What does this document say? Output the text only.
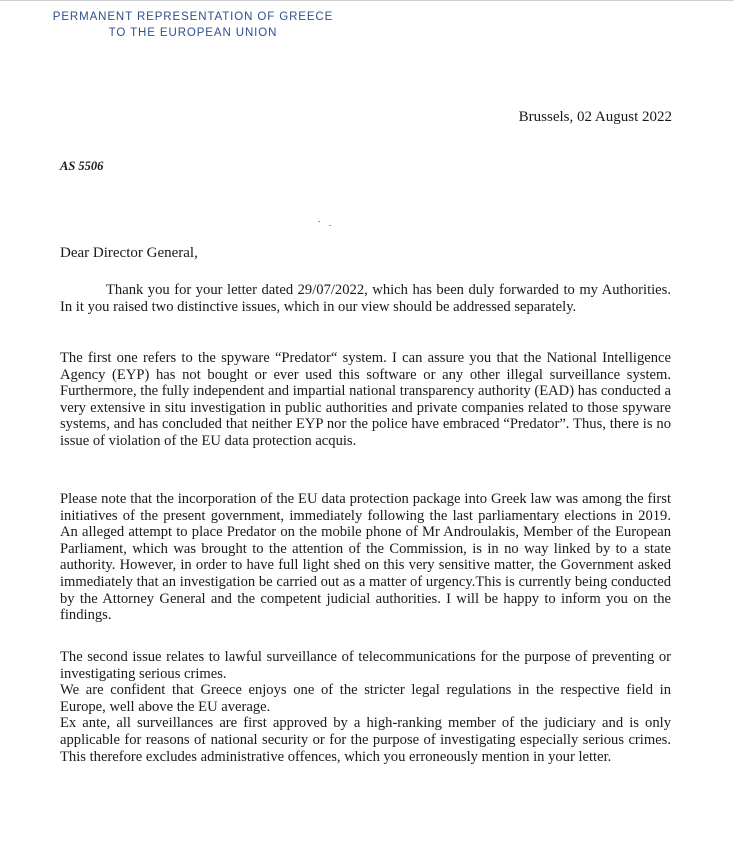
PERMANENT REPRESENTATION OF GREECE
TO THE EUROPEAN UNION
Brussels, 02 August 2022
AS 5506
Dear Director General,

Thank you for your letter dated 29/07/2022, which has been duly forwarded to my Authorities. In it you raised two distinctive issues, which in our view should be addressed separately.

The first one refers to the spyware “Predator“ system. I can assure you that the National Intelligence Agency (EYP) has not bought or ever used this software or any other illegal surveillance system. Furthermore, the fully independent and impartial national transparency authority (EAD) has conducted a very extensive in situ investigation in public authorities and private companies related to those spyware systems, and has concluded that neither EYP nor the police have embraced “Predator”. Thus, there is no issue of violation of the EU data protection acquis.

Please note that the incorporation of the EU data protection package into Greek law was among the first initiatives of the present government, immediately following the last parliamentary elections in 2019. An alleged attempt to place Predator on the mobile phone of Mr Androulakis, Member of the European Parliament, which was brought to the attention of the Commission, is in no way linked by to a state authority. However, in order to have full light shed on this very sensitive matter, the Government asked immediately that an investigation be carried out as a matter of urgency.This is currently being conducted by the Attorney General and the competent judicial authorities. I will be happy to inform you on the findings.

The second issue relates to lawful surveillance of telecommunications for the purpose of preventing or investigating serious crimes.
We are confident that Greece enjoys one of the stricter legal regulations in the respective field in Europe, well above the EU average.
Ex ante, all surveillances are first approved by a high-ranking member of the judiciary and is only applicable for reasons of national security or for the purpose of investigating especially serious crimes. This therefore excludes administrative offences, which you erroneously mention in your letter.
